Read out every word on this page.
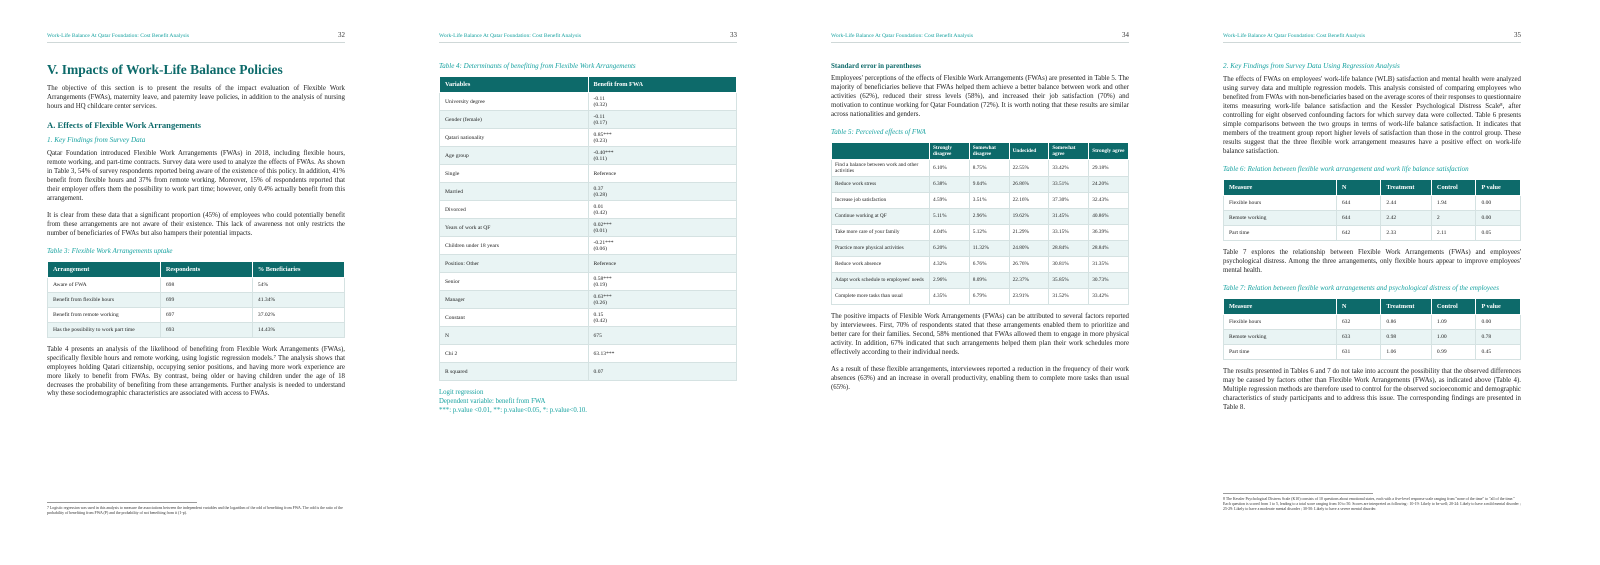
Work-Life Balance At Qatar Foundation: Cost Benefit Analysis	32
V. Impacts of Work-Life Balance Policies

The objective of this section is to present the results of the impact evaluation of Flexible Work Arrangements (FWAs), maternity leave, and paternity leave policies, in addition to the analysis of nursing hours and HQ childcare center services.

A. Effects of Flexible Work Arrangements
1. Key Findings from Survey Data

Qatar Foundation introduced Flexible Work Arrangements (FWAs) in 2018, including flexible hours, remote working, and part-time contracts. Survey data were used to analyze the effects of FWAs. As shown in Table 3, 54% of survey respondents reported being aware of the existence of this policy. In addition, 41% benefit from flexible hours and 37% from remote working. Moreover, 15% of respondents reported that their employer offers them the possibility to work part time; however, only 0.4% actually benefit from this arrangement.

It is clear from these data that a significant proportion (45%) of employees who could potentially benefit from these arrangements are not aware of their existence. This lack of awareness not only restricts the number of beneficiaries of FWAs but also hampers their potential impacts.

Table 3: Flexible Work Arrangements uptake
Arrangement	Respondents	% Beneficiaries
Aware of FWA	698	54%
Benefit from flexible hours	699	41.34%
Benefit from remote working	697	37.02%
Has the possibility to work part time	693	14.43%

Table 4 presents an analysis of the likelihood of benefiting from Flexible Work Arrangements (FWAs), specifically flexible hours and remote working, using logistic regression models.⁷ The analysis shows that employees holding Qatari citizenship, occupying senior positions, and having more work experience are more likely to benefit from FWAs. By contrast, being older or having children under the age of 18 decreases the probability of benefiting from these arrangements. Further analysis is needed to understand why these sociodemographic characteristics are associated with access to FWAs.

7 Logistic regression was used in this analysis to measure the associations between the independent variables and the logarithm of the odd of benefiting from FWA. The odd is the ratio of the probability of benefiting from FWA (P) and the probability of not benefiting from it (1-p).
Work-Life Balance At Qatar Foundation: Cost Benefit Analysis	33
Table 4: Determinants of benefiting from Flexible Work Arrangements
Variables	Benefit from FWA
University degree	-0.11
(0.32)
Gender (female)	-0.11
(0.17)
Qatari nationality	0.85***
(0.23)
Age group	-0.40***
(0.11)
Single	Reference
Married	0.37
(0.28)
Divorced	0.01
(0.42)
Years of work at QF	0.02***
(0.01)
Children under 18 years	-0.21***
(0.06)
Position: Other	Reference
Senior	0.58***
(0.19)
Manager	0.63***
(0.26)
Constant	0.15
(0.42)
N	675
Chi 2	63.13***
R squared	0.07
Logit regression
Dependent variable: benefit from FWA
***: p.value <0.01, **: p.value<0.05, *: p.value<0.10.
Work-Life Balance At Qatar Foundation: Cost Benefit Analysis	34
Standard error in parentheses

Employees' perceptions of the effects of Flexible Work Arrangements (FWAs) are presented in Table 5. The majority of beneficiaries believe that FWAs helped them achieve a better balance between work and other activities (62%), reduced their stress levels (58%), and increased their job satisfaction (70%) and motivation to continue working for Qatar Foundation (72%). It is worth noting that these results are similar across nationalities and genders.

Table 5: Perceived effects of FWA
	Strongly disagree	Somewhat disagree	Undecided	Somewhat agree	Strongly agree
Find a balance between work and other activities	6.10%	8.75%	22.55%	33.42%	29.18%
Reduce work stress	6.38%	9.04%	26.86%	33.51%	24.20%
Increase job satisfaction	4.59%	3.51%	22.16%	37.30%	32.43%
Continue working at QF	5.11%	2.96%	19.62%	31.45%	40.86%
Take more care of your family	4.04%	5.12%	21.29%	33.15%	36.39%
Practice more physical activities	6.20%	11.32%	24.80%	28.84%	28.84%
Reduce work absence	4.32%	6.76%	26.76%	30.81%	31.35%
Adapt work schedule to employees' needs	2.96%	8.09%	22.37%	35.85%	30.73%
Complete more tasks than usual	4.35%	6.79%	23.91%	31.52%	33.42%

The positive impacts of Flexible Work Arrangements (FWAs) can be attributed to several factors reported by interviewees. First, 70% of respondents stated that these arrangements enabled them to prioritize and better care for their families. Second, 58% mentioned that FWAs allowed them to engage in more physical activity. In addition, 67% indicated that such arrangements helped them plan their work schedules more effectively according to their individual needs.

As a result of these flexible arrangements, interviewees reported a reduction in the frequency of their work absences (63%) and an increase in overall productivity, enabling them to complete more tasks than usual (65%).

Work-Life Balance At Qatar Foundation: Cost Benefit Analysis	35
2. Key Findings from Survey Data Using Regression Analysis

The effects of FWAs on employees' work-life balance (WLB) satisfaction and mental health were analyzed using survey data and multiple regression models. This analysis consisted of comparing employees who benefited from FWAs with non-beneficiaries based on the average scores of their responses to questionnaire items measuring work-life balance satisfaction and the Kessler Psychological Distress Scale⁸, after controlling for eight observed confounding factors for which survey data were collected. Table 6 presents simple comparisons between the two groups in terms of work-life balance satisfaction. It indicates that members of the treatment group report higher levels of satisfaction than those in the control group. These results suggest that the three flexible work arrangement measures have a positive effect on work-life balance satisfaction.

Table 6: Relation between flexible work arrangement and work life balance satisfaction
Measure	N	Treatment	Control	P value
Flexible hours	644	2.44	1.94	0.00
Remote working	644	2.42	2	0.00
Part time	642	2.33	2.11	0.05

Table 7 explores the relationship between Flexible Work Arrangements (FWAs) and employees' psychological distress. Among the three arrangements, only flexible hours appear to improve employees' mental health.

Table 7: Relation between flexible work arrangements and psychological distress of the employees
Measure	N	Treatment	Control	P value
Flexible hours	632	0.86	1.09	0.00
Remote working	633	0.98	1.00	0.78
Part time	631	1.06	0.99	0.45

The results presented in Tables 6 and 7 do not take into account the possibility that the observed differences may be caused by factors other than Flexible Work Arrangements (FWAs), as indicated above (Table 4). Multiple regression methods are therefore used to control for the observed socioeconomic and demographic characteristics of study participants and to address this issue. The corresponding findings are presented in Table 8.

8 The Kessler Psychological Distress Scale (K10) consists of 10 questions about emotional states, each with a five-level response scale ranging from "none of the time" to "all of the time." Each question is scored from 1 to 5, leading to a total score ranging from 10 to 50. Scores are interpreted as following : 10-19: Likely to be well; 20-24: Likely to have a mild mental disorder ; 25-29: Likely to have a moderate mental disorder ; 30-50: Likely to have a severe mental disorder.
